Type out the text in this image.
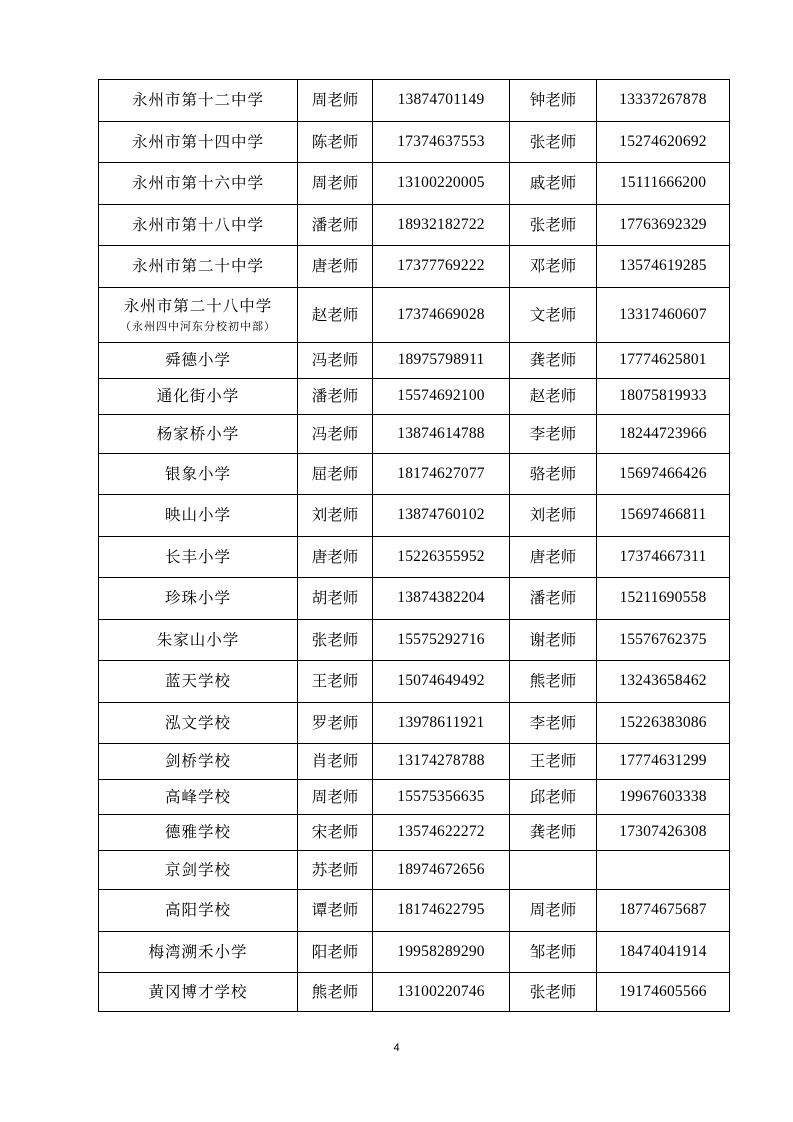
永州市第十二中学	周老师	13874701149	钟老师	13337267878
永州市第十四中学	陈老师	17374637553	张老师	15274620692
永州市第十六中学	周老师	13100220005	戚老师	15111666200
永州市第十八中学	潘老师	18932182722	张老师	17763692329
永州市第二十中学	唐老师	17377769222	邓老师	13574619285
永州市第二十八中学
（永州四中河东分校初中部）	赵老师	17374669028	文老师	13317460607
舜德小学	冯老师	18975798911	龚老师	17774625801
通化街小学	潘老师	15574692100	赵老师	18075819933
杨家桥小学	冯老师	13874614788	李老师	18244723966
银象小学	屈老师	18174627077	骆老师	15697466426
映山小学	刘老师	13874760102	刘老师	15697466811
长丰小学	唐老师	15226355952	唐老师	17374667311
珍珠小学	胡老师	13874382204	潘老师	15211690558
朱家山小学	张老师	15575292716	谢老师	15576762375
蓝天学校	王老师	15074649492	熊老师	13243658462
泓文学校	罗老师	13978611921	李老师	15226383086
剑桥学校	肖老师	13174278788	王老师	17774631299
高峰学校	周老师	15575356635	邱老师	19967603338
德雅学校	宋老师	13574622272	龚老师	17307426308
京剑学校	苏老师	18974672656		
高阳学校	谭老师	18174622795	周老师	18774675687
梅湾溯禾小学	阳老师	19958289290	邹老师	18474041914
黄冈博才学校	熊老师	13100220746	张老师	19174605566
4
